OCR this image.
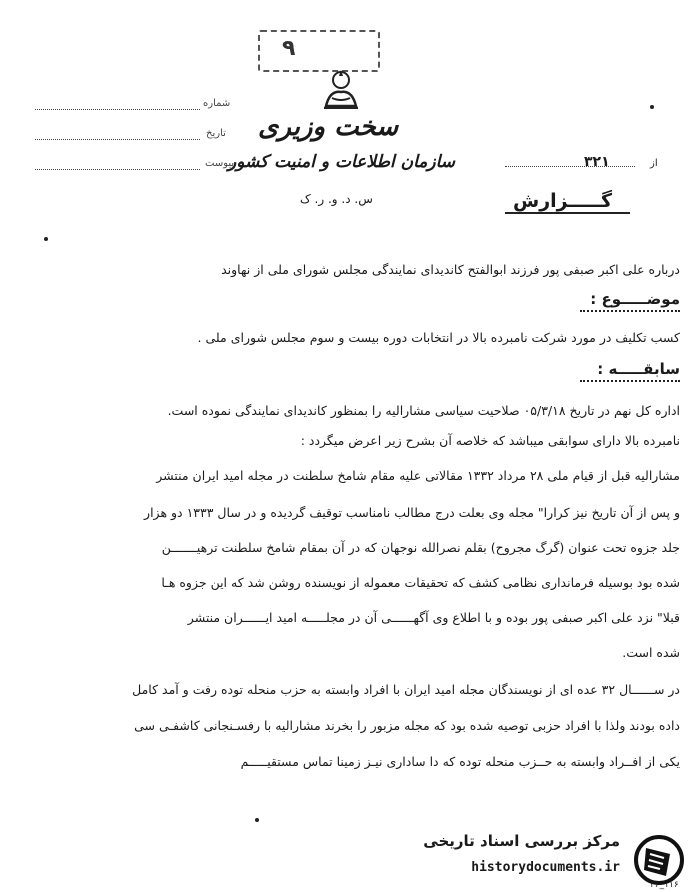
۹
سخت وزیری
سازمان اطلاعات و امنیت کشور
س. د. و. ر. ک
شماره
تاریخ
پیوست	۳۲۱	از
گـــــزارش
درباره علی اکبر صبفی پور فرزند ابوالفتح کاندیدای نمایندگی مجلس شورای ملی از نهاوند
موضـــــوع :
کسب تکلیف در مورد شرکت نامبرده بالا در انتخابات دوره بیست و سوم مجلس شورای ملی .
سابقـــــه :
اداره کل نهم در تاریخ ۰۵/۳/۱۸ صلاحیت سیاسی مشارالیه را بمنظور کاندیدای نمایندگی نموده است.
نامبرده بالا دارای سوابقی میباشد که خلاصه آن بشرح زیر اعرض میگردد :
مشارالیه قبل از قیام ملی ۲۸ مرداد ۱۳۳۲ مقالاتی علیه مقام شامخ سلطنت در مجله امید ایران منتشر
و پس از آن تاریخ نیز کرارا" مجله وی بعلت درج مطالب نامناسب توقیف گردیده و در سال ۱۳۳۳ دو هزار
جلد جزوه تحت عنوان (گرگ مجروح) بقلم نصرالله نوجهان که در آن بمقام شامخ سلطنت ترهیـــــــن
شده بود بوسیله فرمانداری نظامی کشف که تحقیقات معموله از نویسنده روشن شد که این جزوه هـا
قبلا" نزد علی اکبر صبفی پور بوده و با اطلاع وی آگهــــــی آن در مجلـــــه امید ایــــــران منتشر
شده است.
در ســــــال ۳۲ عده ای از نویسندگان مجله امید ایران با افراد وابسته به حزب منحله توده رفت و آمد کامل
داده بودند ولذا با افراد حزبی توصیه شده بود که مجله مزبور را بخرند مشارالیه با رفسـنجانی کاشفـی سی
یکی از افــراد وابسته به حــزب منحله توده که دا ساداری نیـز زمینا تماس مستقیـــــم
مرکز بررسی اسناد تاریخی
historydocuments.ir
۴۶_۱۱۶
